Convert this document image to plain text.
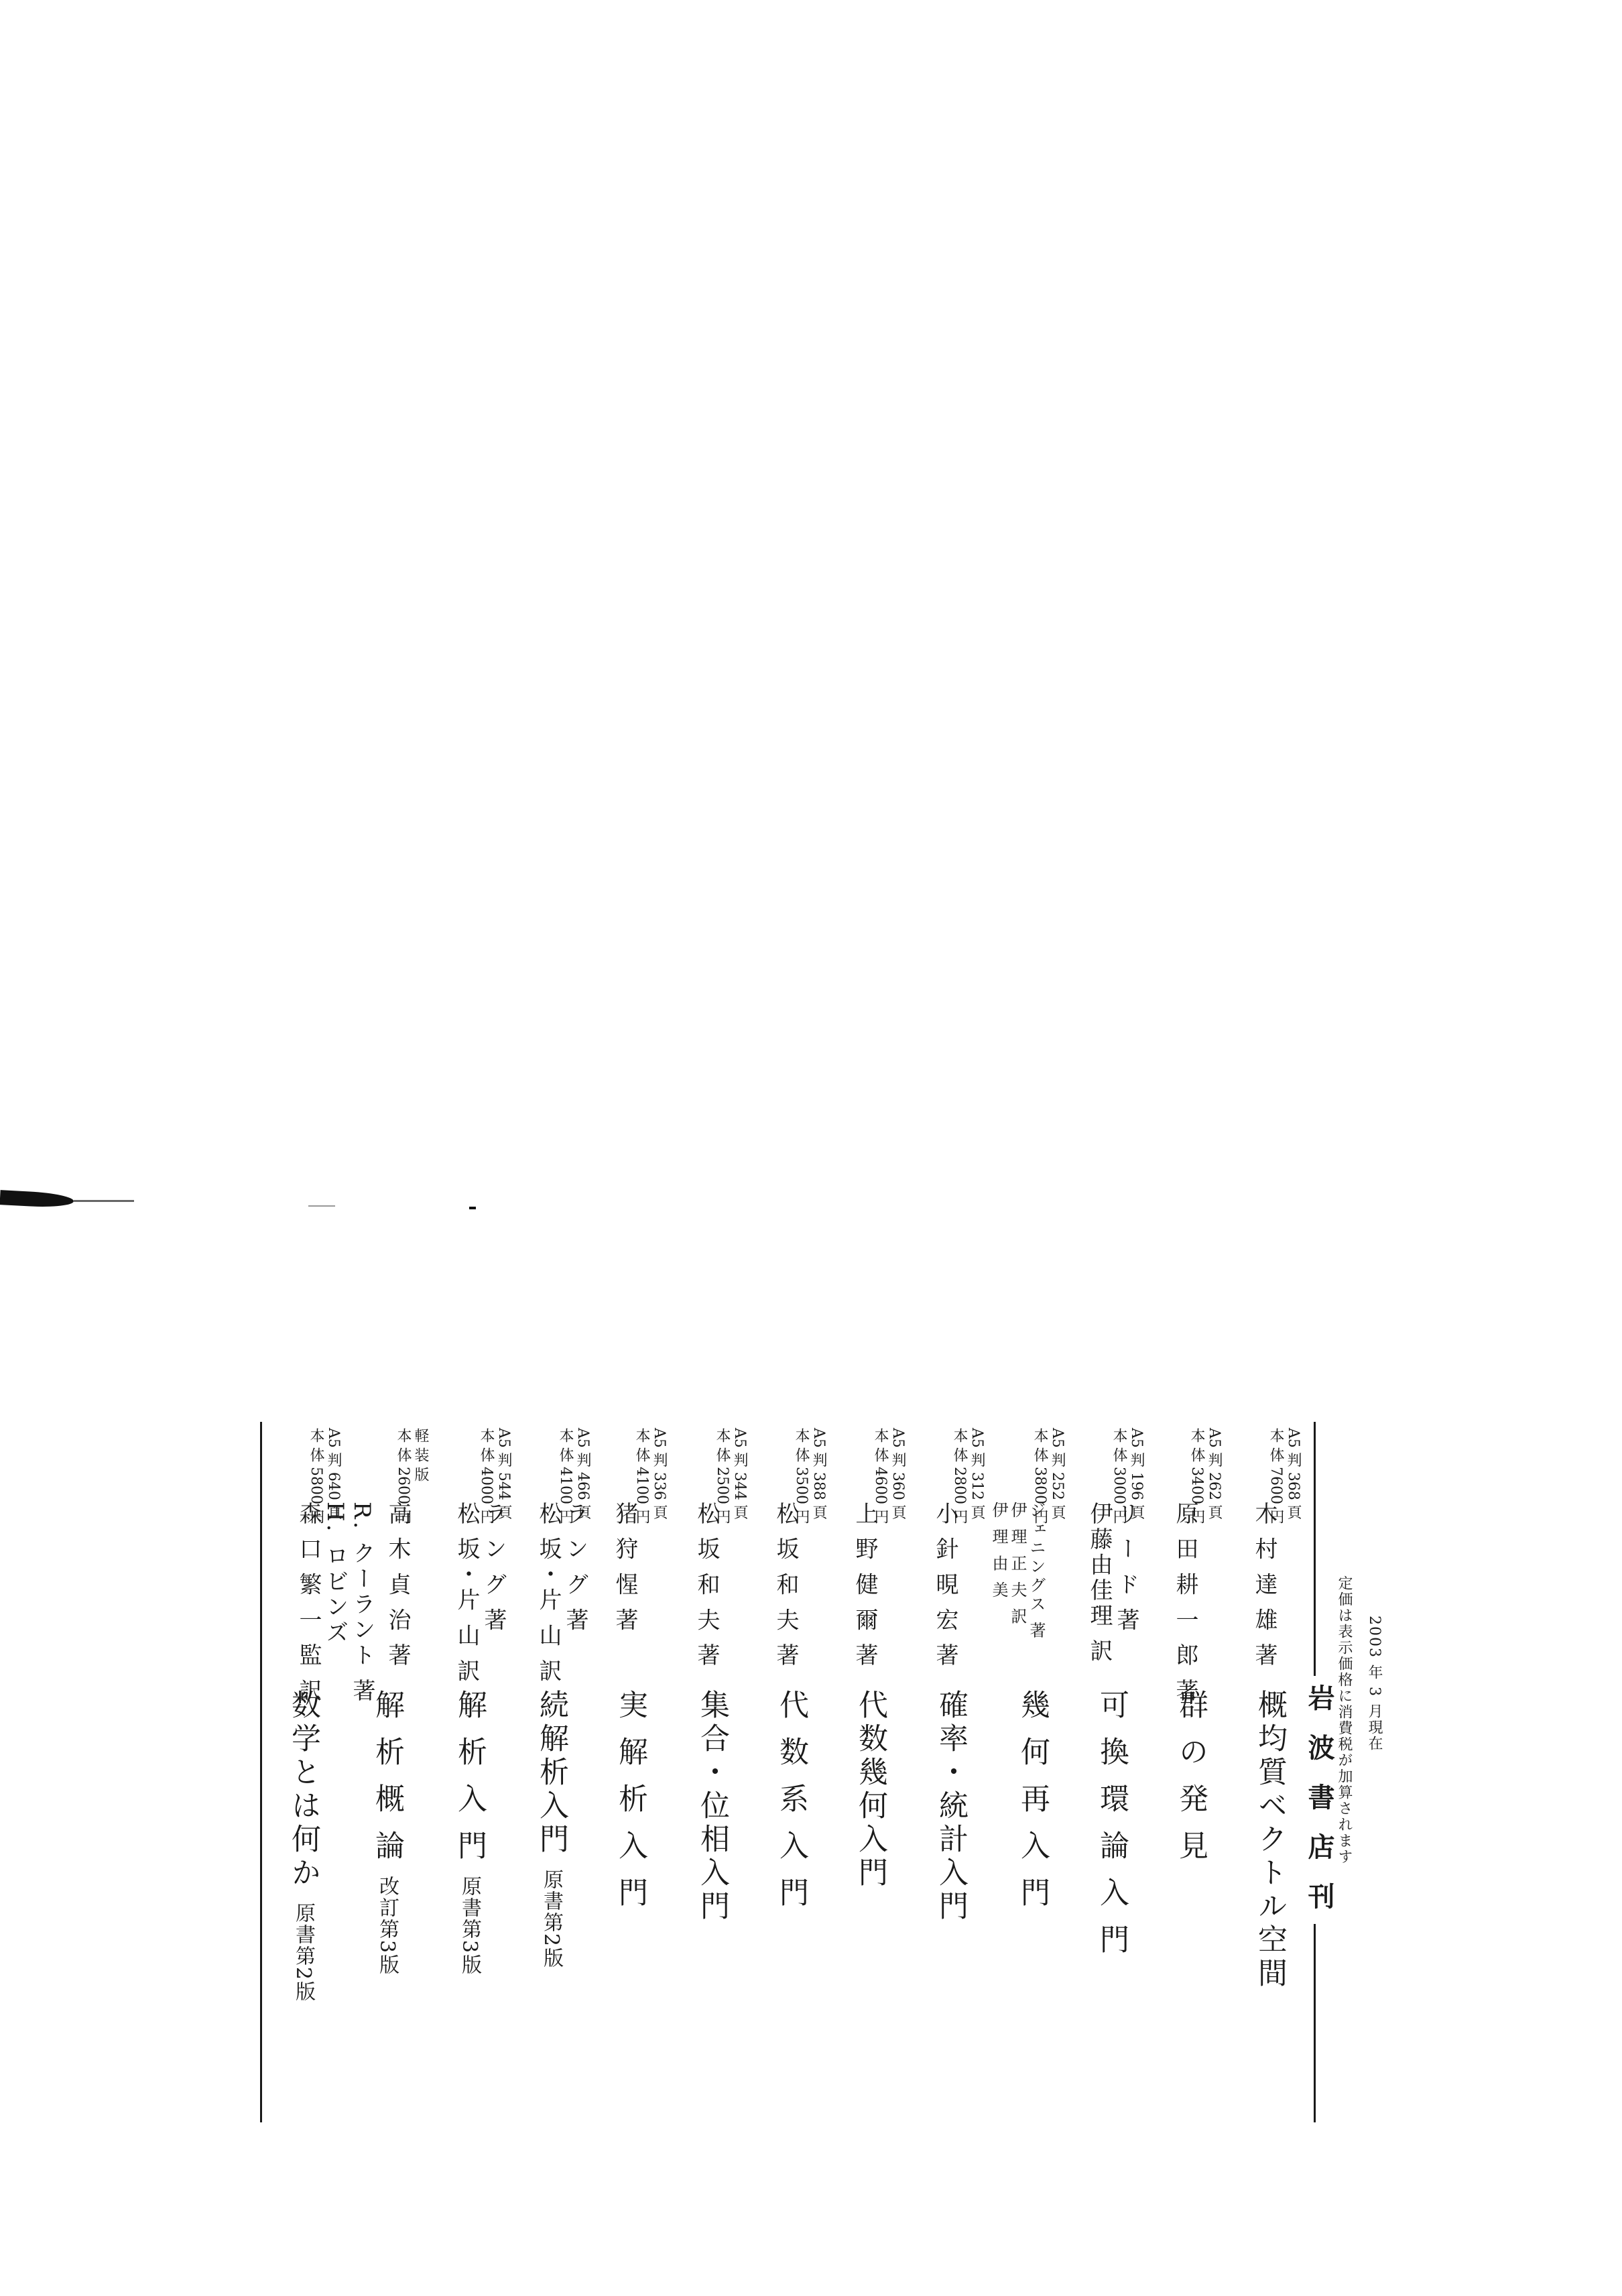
数学とは何か原書第2版
R. クーラント 著
H. ロビンズ
森 口 繁 一 監 訳
A5 判 640 頁
本 体 5800 円
解 析 概 論改訂第3版
高 木 貞 治 著
軽 装 版
本 体 2600 円
解 析 入 門原書第3版
ラ ン グ 著
松 坂・片 山 訳
A5 判 544 頁
本 体 4000 円
続解析入門原書第2版
ラ ン グ 著
松 坂・片 山 訳
A5 判 466 頁
本 体 4100 円
実 解 析 入 門
猪 狩 惺 著
A5 判 336 頁
本 体 4100 円
集合・位相入門
松 坂 和 夫 著
A5 判 344 頁
本 体 2500 円
代 数 系 入 門
松 坂 和 夫 著
A5 判 388 頁
本 体 3500 円
代数幾何入門
上 野 健 爾 著
A5 判 360 頁
本 体 4600 円
確率・統計入門
小 針 晛 宏 著
A5 判 312 頁
本 体 2800 円
幾 何 再 入 門
ジェニングス 著
伊 理 正 夫 訳
伊 理 由 美
A5 判 252 頁
本 体 3800 円
可 換 環 論 入 門
リ ー ド 著
伊藤由佳理 訳
A5 判 196 頁
本 体 3000 円
群 の 発 見
原 田 耕 一 郎 著
A5 判 262 頁
本 体 3400 円
概均質ベクトル空間
木 村 達 雄 著
A5 判 368 頁
本 体 7600 円
岩 波 書 店 刊 定価は表示価格に消費税が加算されます 2003 年 3 月現在
